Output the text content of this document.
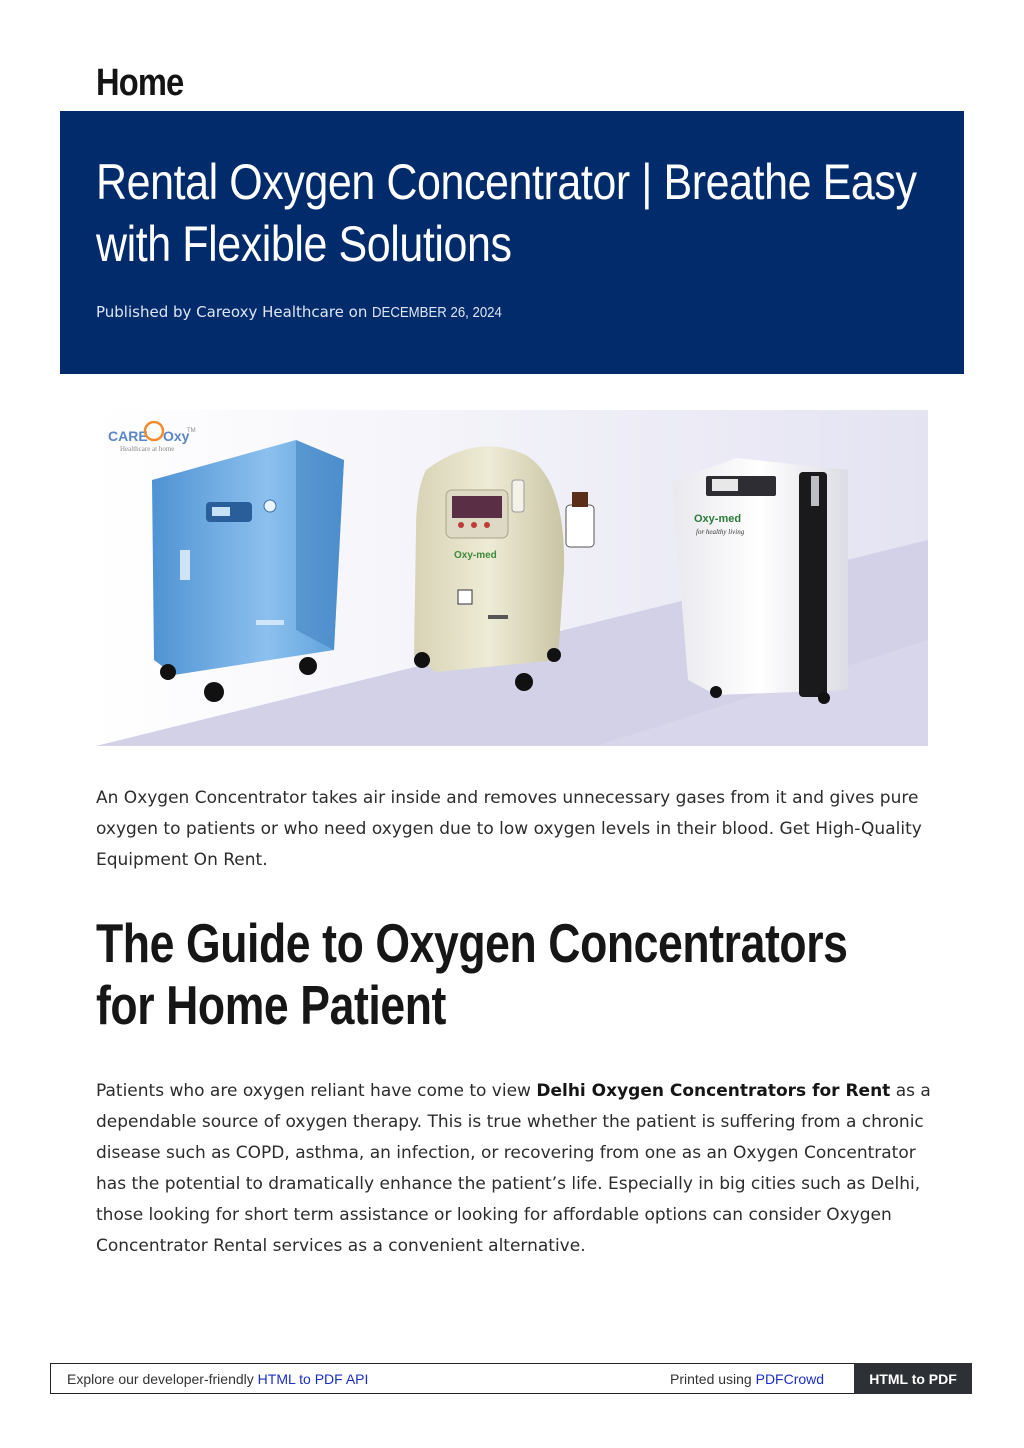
Home
Rental Oxygen Concentrator | Breathe Easy with Flexible Solutions
Published by Careoxy Healthcare on DECEMBER 26, 2024
CARE Oxy
TM
Healthcare at home
Oxy-med
Oxy-med
for healthy living

An Oxygen Concentrator takes air inside and removes unnecessary gases from it and gives pure oxygen to patients or who need oxygen due to low oxygen levels in their blood. Get High-Quality Equipment On Rent.

The Guide to Oxygen Concentrators for Home Patient

Patients who are oxygen reliant have come to view Delhi Oxygen Concentrators for Rent as a dependable source of oxygen therapy. This is true whether the patient is suffering from a chronic disease such as COPD, asthma, an infection, or recovering from one as an Oxygen Concentrator has the potential to dramatically enhance the patient’s life. Especially in big cities such as Delhi, those looking for short term assistance or looking for affordable options can consider Oxygen Concentrator Rental services as a convenient alternative.

Explore our developer-friendly HTML to PDF API	Printed using PDFCrowd	HTML to PDF
